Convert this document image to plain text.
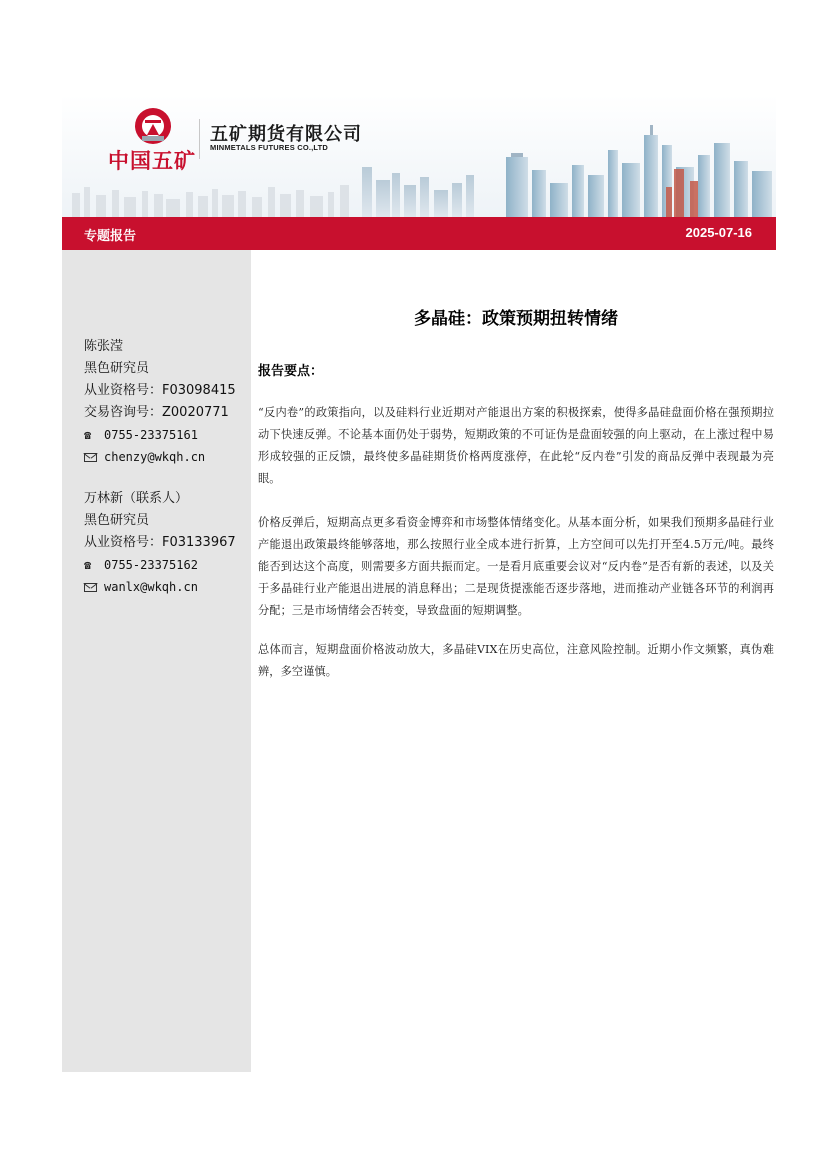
中国五矿
五矿期货有限公司
MINMETALS FUTURES CO.,LTD
专题报告	2025-07-16
陈张滢
黑色研究员
从业资格号：F03098415
交易咨询号：Z0020771
☎ 0755-23375161
chenzy@wkqh.cn
万林新（联系人）
黑色研究员
从业资格号：F03133967
☎ 0755-23375162
wanlx@wkqh.cn
多晶硅：政策预期扭转情绪
报告要点：
“反内卷”的政策指向，以及硅料行业近期对产能退出方案的积极探索，使得多晶硅盘面价格在强预期拉动下快速反弹。不论基本面仍处于弱势，短期政策的不可证伪是盘面较强的向上驱动，在上涨过程中易形成较强的正反馈，最终使多晶硅期货价格两度涨停，在此轮“反内卷”引发的商品反弹中表现最为亮眼。
价格反弹后，短期高点更多看资金博弈和市场整体情绪变化。从基本面分析，如果我们预期多晶硅行业产能退出政策最终能够落地，那么按照行业全成本进行折算，上方空间可以先打开至4.5万元/吨。最终能否到达这个高度，则需要多方面共振而定。一是看月底重要会议对“反内卷”是否有新的表述，以及关于多晶硅行业产能退出进展的消息释出；二是现货提涨能否逐步落地，进而推动产业链各环节的利润再分配；三是市场情绪会否转变，导致盘面的短期调整。
总体而言，短期盘面价格波动放大，多晶硅VIX在历史高位，注意风险控制。近期小作文频繁，真伪难辨，多空谨慎。
